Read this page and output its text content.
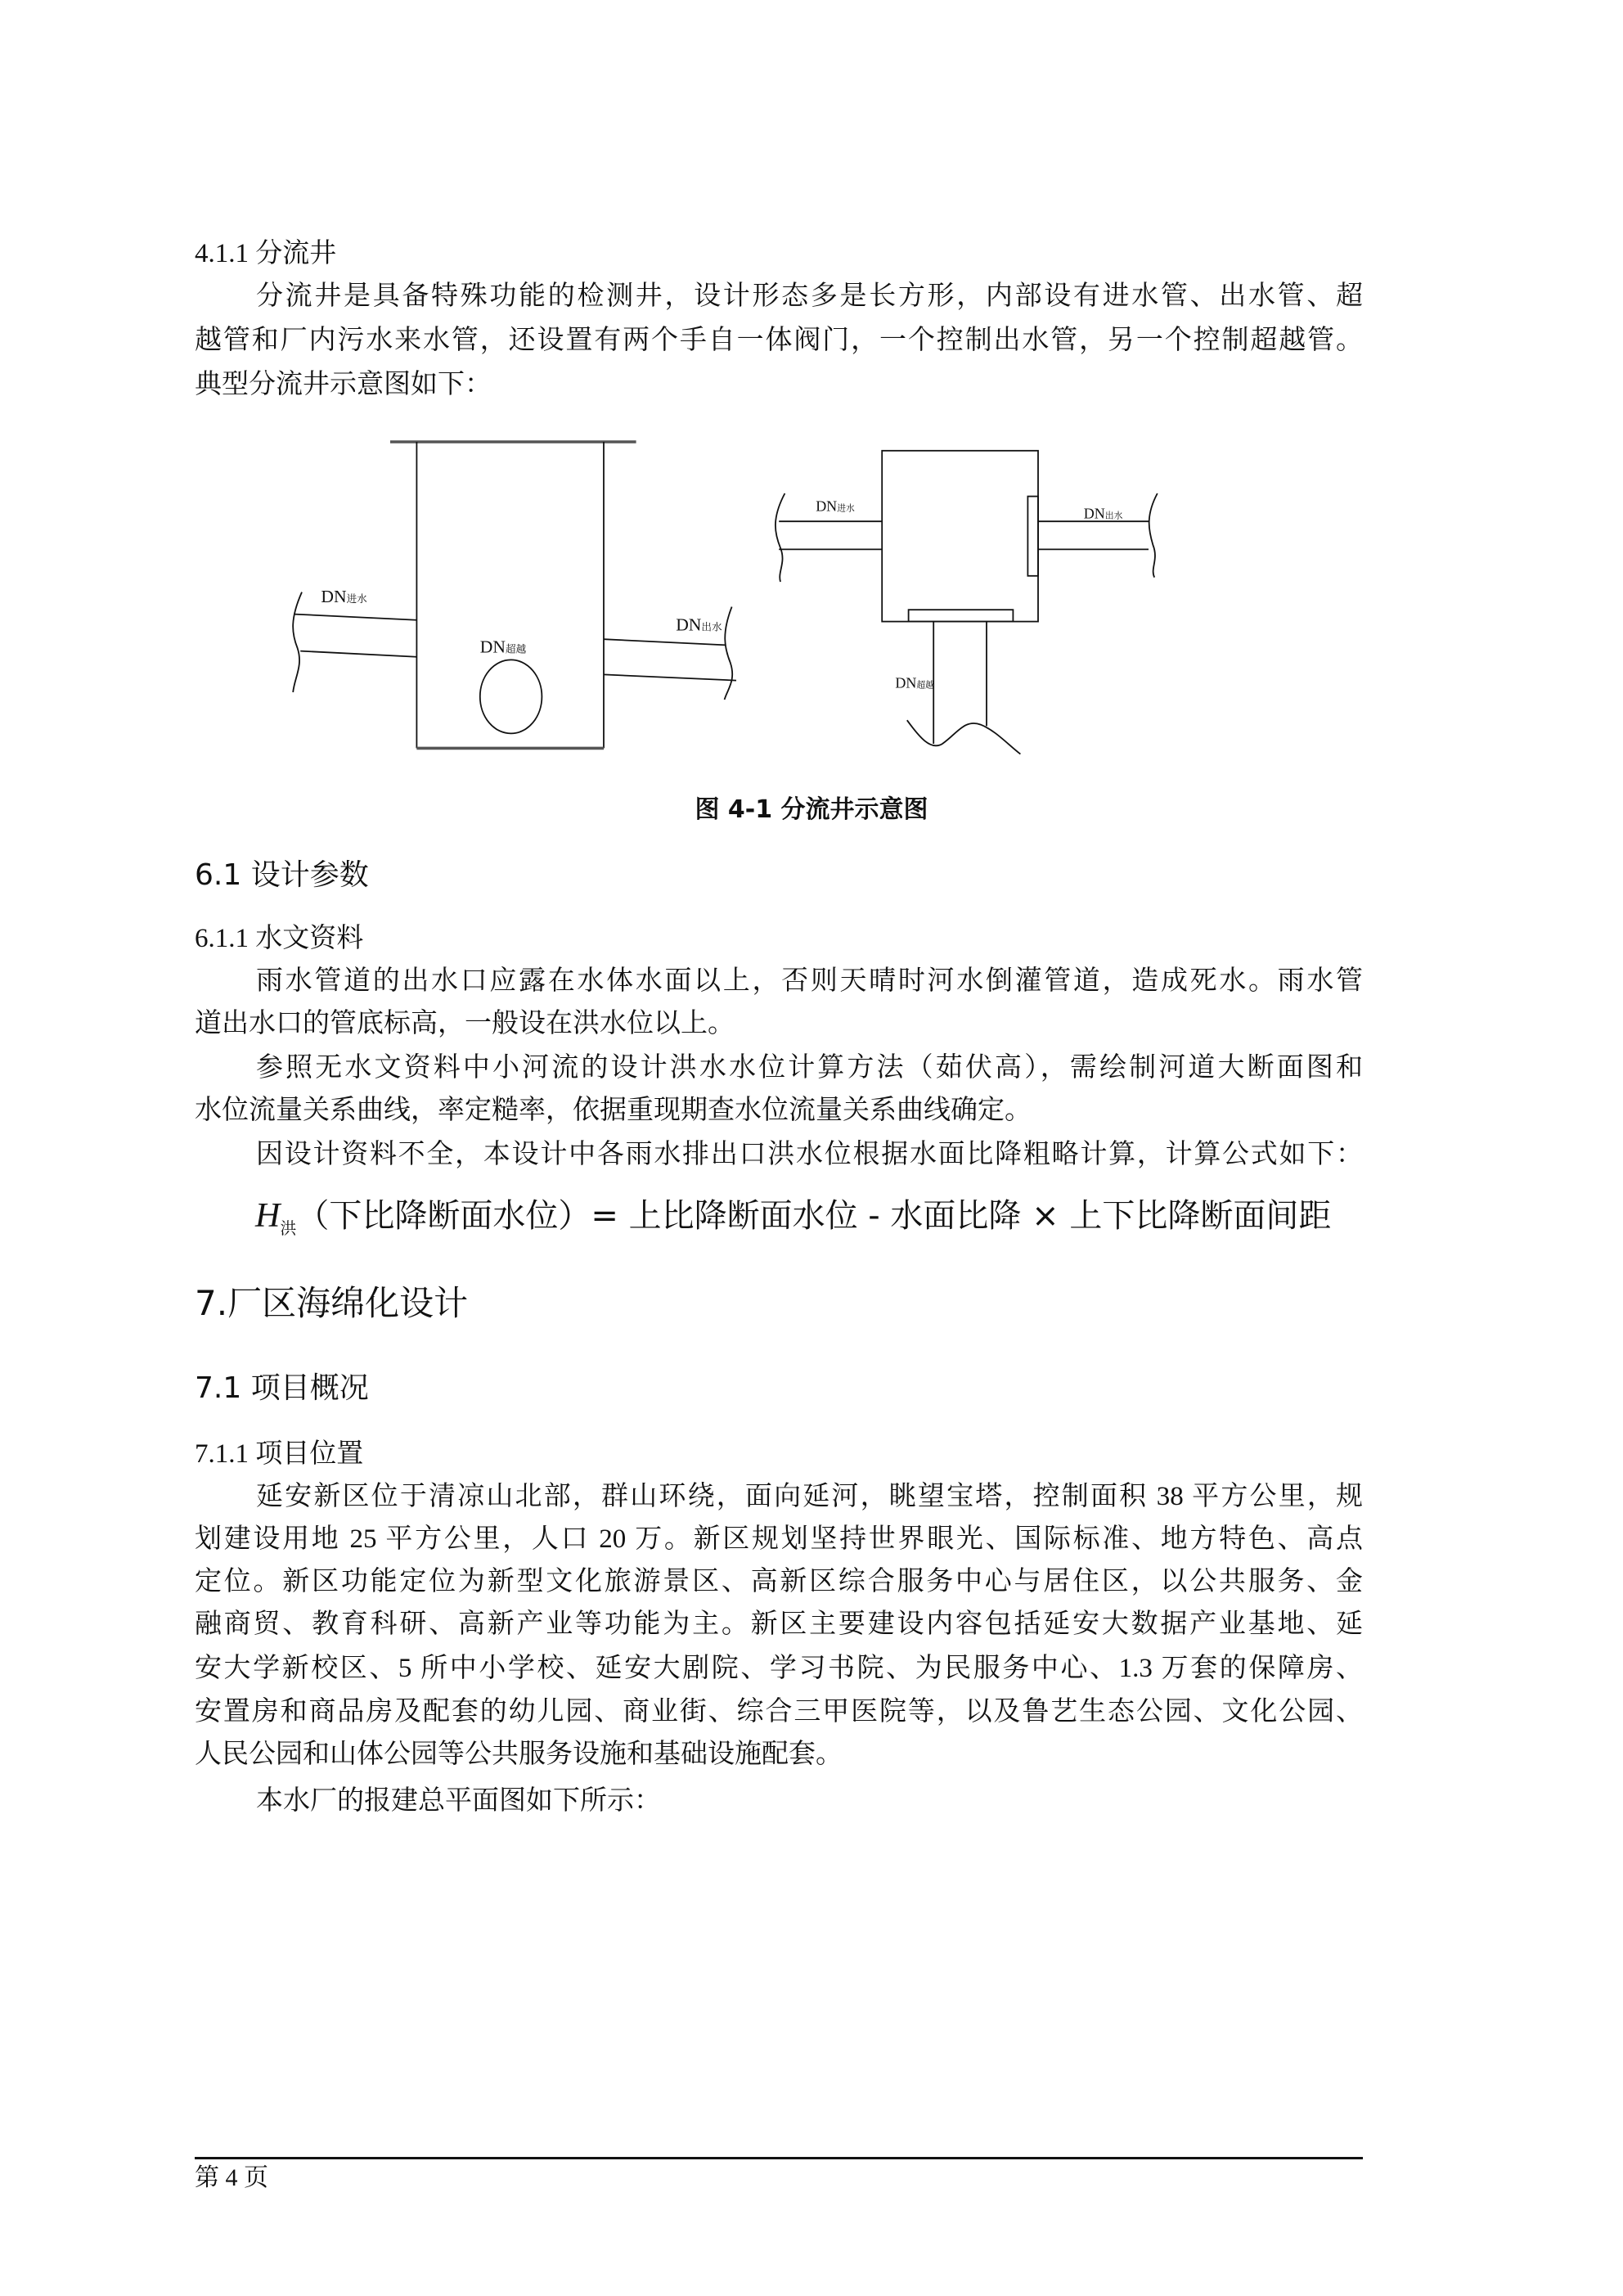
4.1.1 分流井
分流井是具备特殊功能的检测井，设计形态多是长方形，内部设有进水管、出水管、超
越管和厂内污水来水管，还设置有两个手自一体阀门，一个控制出水管，另一个控制超越管。
典型分流井示意图如下：
DN进水
DN出水
DN超越
DN进水	DN出水
DN超越
图 4-1 分流井示意图
6.1 设计参数
6.1.1 水文资料
雨水管道的出水口应露在水体水面以上，否则天晴时河水倒灌管道，造成死水。雨水管
道出水口的管底标高，一般设在洪水位以上。
参照无水文资料中小河流的设计洪水水位计算方法（茹伏高），需绘制河道大断面图和
水位流量关系曲线，率定糙率，依据重现期查水位流量关系曲线确定。
因设计资料不全，本设计中各雨水排出口洪水位根据水面比降粗略计算，计算公式如下：
$H_洪$（下比降断面水位）= 上比降断面水位 - 水面比降 × 上下比降断面间距
7.厂区海绵化设计
7.1 项目概况
7.1.1 项目位置
延安新区位于清凉山北部，群山环绕，面向延河，眺望宝塔，控制面积 38 平方公里，规
划建设用地 25 平方公里，人口 20 万。新区规划坚持世界眼光、国际标准、地方特色、高点
定位。新区功能定位为新型文化旅游景区、高新区综合服务中心与居住区，以公共服务、金
融商贸、教育科研、高新产业等功能为主。新区主要建设内容包括延安大数据产业基地、延
安大学新校区、5 所中小学校、延安大剧院、学习书院、为民服务中心、1.3 万套的保障房、
安置房和商品房及配套的幼儿园、商业街、综合三甲医院等，以及鲁艺生态公园、文化公园、
人民公园和山体公园等公共服务设施和基础设施配套。
本水厂的报建总平面图如下所示：
第 4 页
